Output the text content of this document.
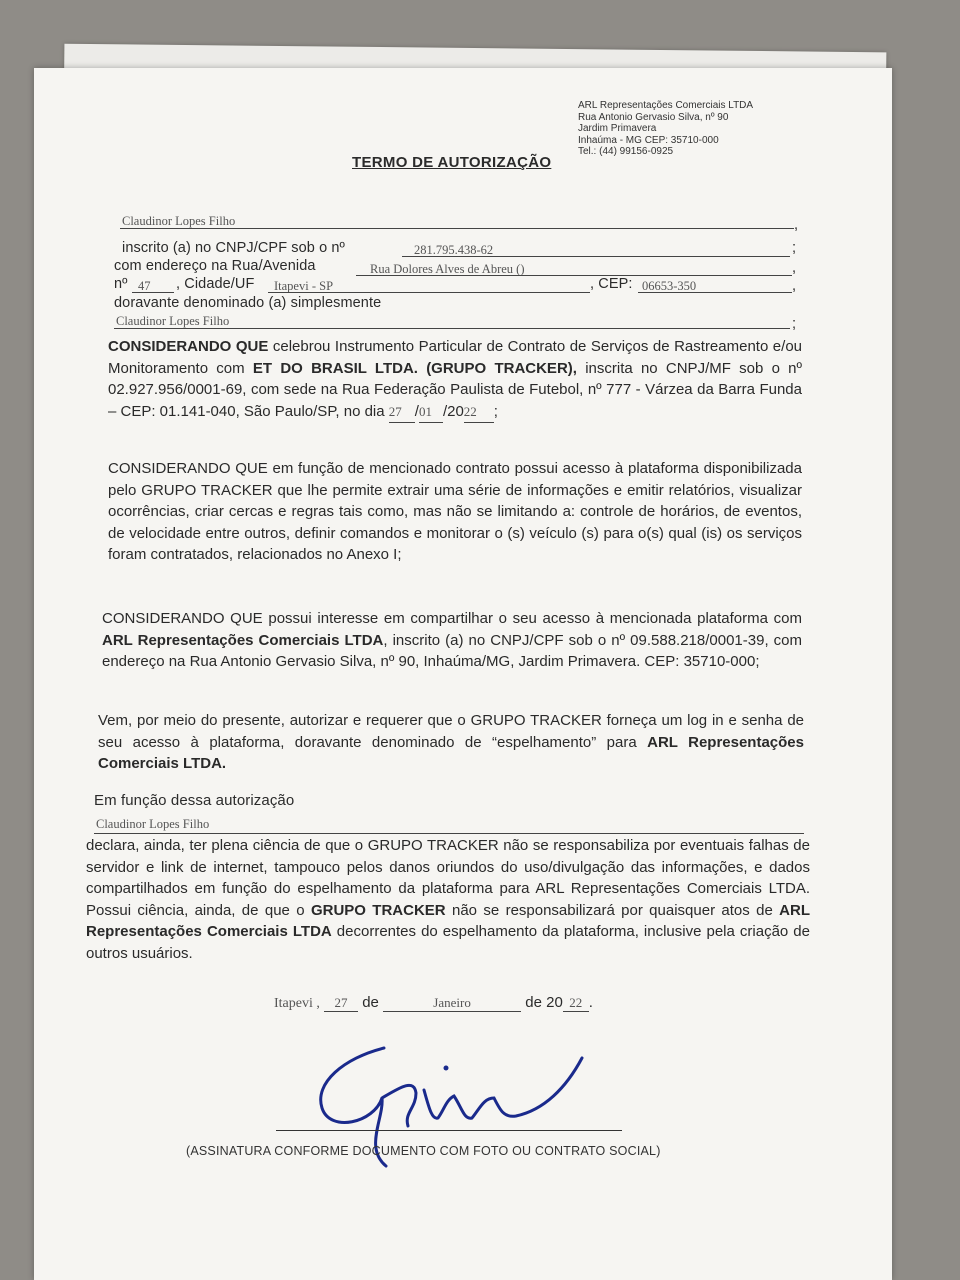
ARL Representações Comerciais LTDA
Rua Antonio Gervasio Silva, nº 90
Jardim Primavera
Inhaúma - MG CEP: 35710-000
Tel.: (44) 99156-0925
TERMO DE AUTORIZAÇÃO
Claudinor Lopes Filho	,
inscrito (a) no CNPJ/CPF sob o nº	281.795.438-62	;
com endereço na Rua/Avenida	Rua Dolores Alves de Abreu ()	,
nº 47 , Cidade/UF Itapevi - SP	, CEP: 06653-350	,
doravante denominado (a) simplesmente
Claudinor Lopes Filho	;
CONSIDERANDO QUE celebrou Instrumento Particular de Contrato de Serviços de Rastreamento e/ou Monitoramento com ET DO BRASIL LTDA. (GRUPO TRACKER), inscrita no CNPJ/MF sob o nº 02.927.956/0001-69, com sede na Rua Federação Paulista de Futebol, nº 777 - Várzea da Barra Funda – CEP: 01.141-040, São Paulo/SP, no dia 27 /01 /2022 ;
CONSIDERANDO QUE em função de mencionado contrato possui acesso à plataforma disponibilizada pelo GRUPO TRACKER que lhe permite extrair uma série de informações e emitir relatórios, visualizar ocorrências, criar cercas e regras tais como, mas não se limitando a: controle de horários, de eventos, de velocidade entre outros, definir comandos e monitorar o (s) veículo (s) para o(s) qual (is) os serviços foram contratados, relacionados no Anexo I;
CONSIDERANDO QUE possui interesse em compartilhar o seu acesso à mencionada plataforma com ARL Representações Comerciais LTDA, inscrito (a) no CNPJ/CPF sob o nº 09.588.218/0001-39, com endereço na Rua Antonio Gervasio Silva, nº 90, Inhaúma/MG, Jardim Primavera. CEP: 35710-000;
Vem, por meio do presente, autorizar e requerer que o GRUPO TRACKER forneça um log in e senha de seu acesso à plataforma, doravante denominado de “espelhamento” para ARL Representações Comerciais LTDA.
Em função dessa autorização
Claudinor Lopes Filho
declara, ainda, ter plena ciência de que o GRUPO TRACKER não se responsabiliza por eventuais falhas de servidor e link de internet, tampouco pelos danos oriundos do uso/divulgação das informações, e dados compartilhados em função do espelhamento da plataforma para ARL Representações Comerciais LTDA. Possui ciência, ainda, de que o GRUPO TRACKER não se responsabilizará por quaisquer atos de ARL Representações Comerciais LTDA decorrentes do espelhamento da plataforma, inclusive pela criação de outros usuários.
Itapevi , 27 de	Janeiro	de 20 22 .
(ASSINATURA CONFORME DOCUMENTO COM FOTO OU CONTRATO SOCIAL)
